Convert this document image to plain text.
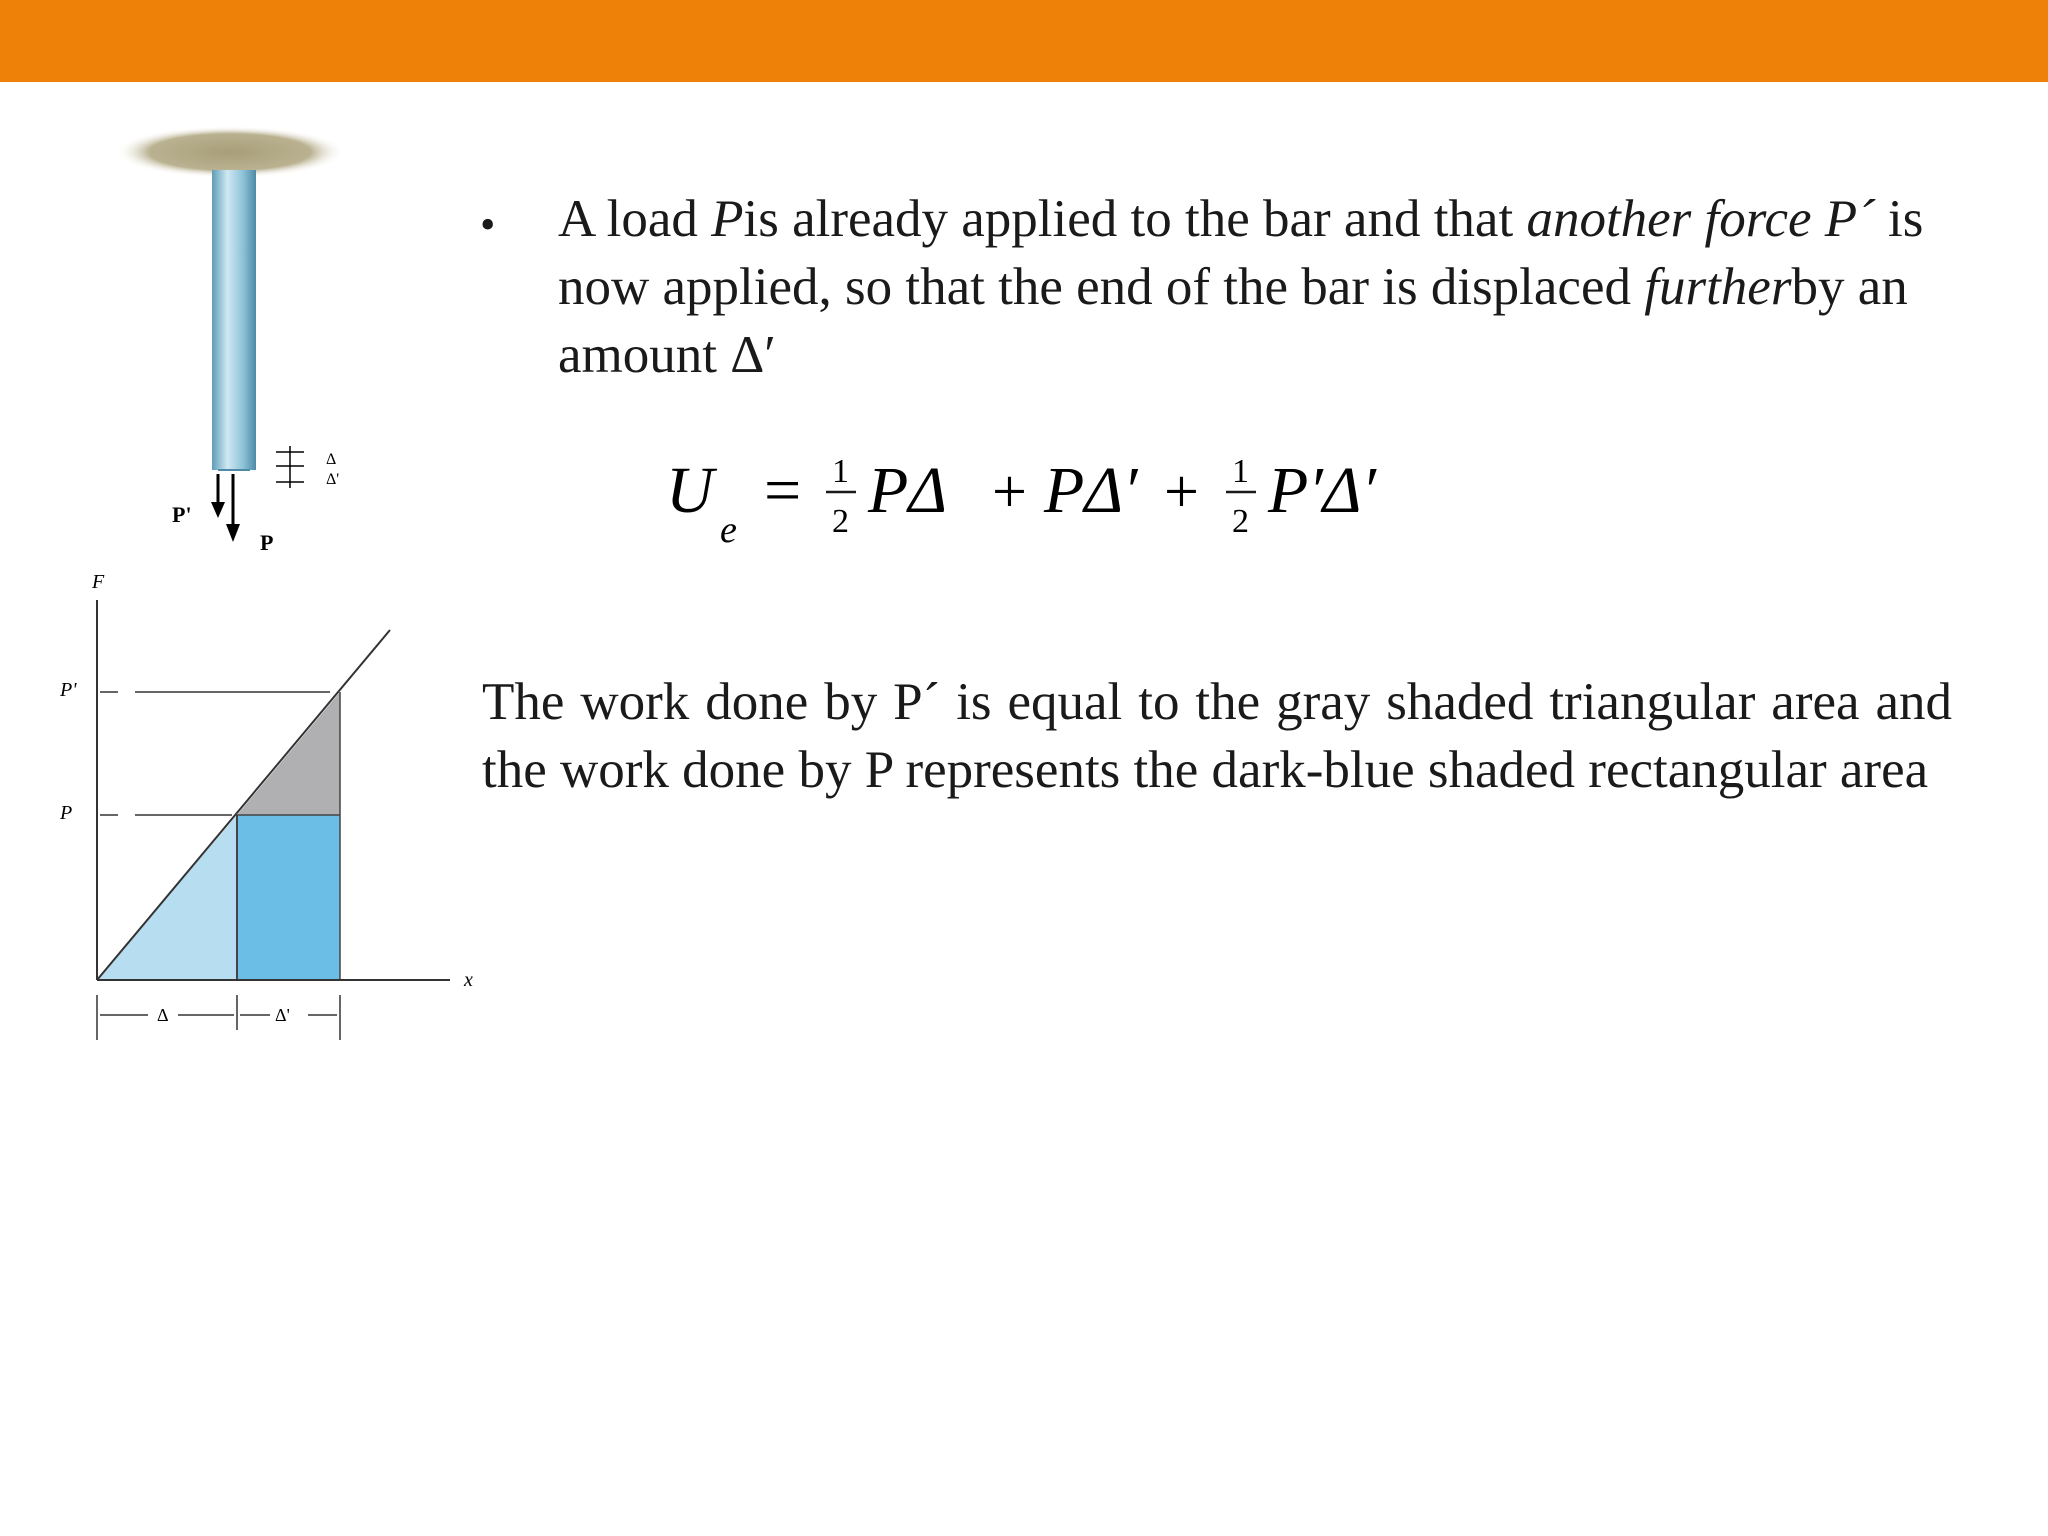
P'
P
Δ
Δ'
F
x
P'
P
Δ	Δ'
• A load Pis already applied to the bar and that another force P´ is now applied, so that the end of the bar is displaced furtherby an amount Δ′
U
e
= 1
2 PΔ + PΔ′ + 1
2 P′Δ′
The work done by P´ is equal to the gray shaded triangular area and the work done by P represents the dark-blue shaded rectangular area
